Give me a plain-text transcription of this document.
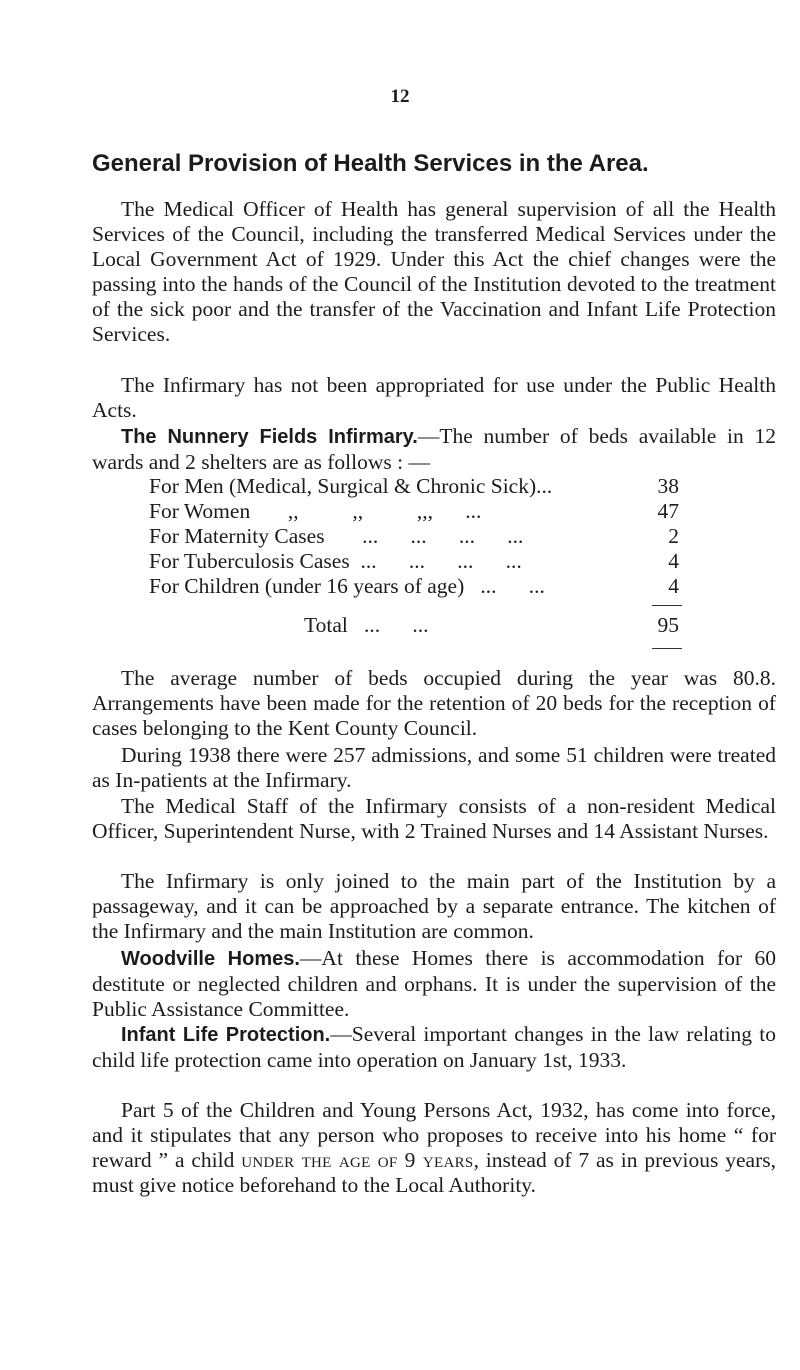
12
General Provision of Health Services in the Area.

The Medical Officer of Health has general supervision of all the Health Services of the Council, including the transferred Medical Services under the Local Government Act of 1929. Under this Act the chief changes were the passing into the hands of the Council of the Institution devoted to the treatment of the sick poor and the transfer of the Vaccination and Infant Life Protection Services.

The Infirmary has not been appropriated for use under the Public Health Acts.

The Nunnery Fields Infirmary.—The number of beds available in 12 wards and 2 shelters are as follows : —

For Men (Medical, Surgical & Chronic Sick)...	38
For Women       ,,          ,,          ,,,      ...	47
For Maternity Cases       ...      ...      ...      ...	2
For Tuberculosis Cases  ...      ...      ...      ...	4
For Children (under 16 years of age)   ...      ...	4
Total   ...      ...	95

The average number of beds occupied during the year was 80.8. Arrangements have been made for the retention of 20 beds for the reception of cases belonging to the Kent County Council.

During 1938 there were 257 admissions, and some 51 children were treated as In-patients at the Infirmary.

The Medical Staff of the Infirmary consists of a non-resident Medical Officer, Superintendent Nurse, with 2 Trained Nurses and 14 Assistant Nurses.

The Infirmary is only joined to the main part of the Institution by a passageway, and it can be approached by a separate entrance. The kitchen of the Infirmary and the main Institution are common.

Woodville Homes.—At these Homes there is accommodation for 60 destitute or neglected children and orphans. It is under the supervision of the Public Assistance Committee.

Infant Life Protection.—Several important changes in the law relating to child life protection came into operation on January 1st, 1933.

Part 5 of the Children and Young Persons Act, 1932, has come into force, and it stipulates that any person who proposes to receive into his home “ for reward ” a child under the age of 9 years, instead of 7 as in previous years, must give notice beforehand to the Local Authority.
